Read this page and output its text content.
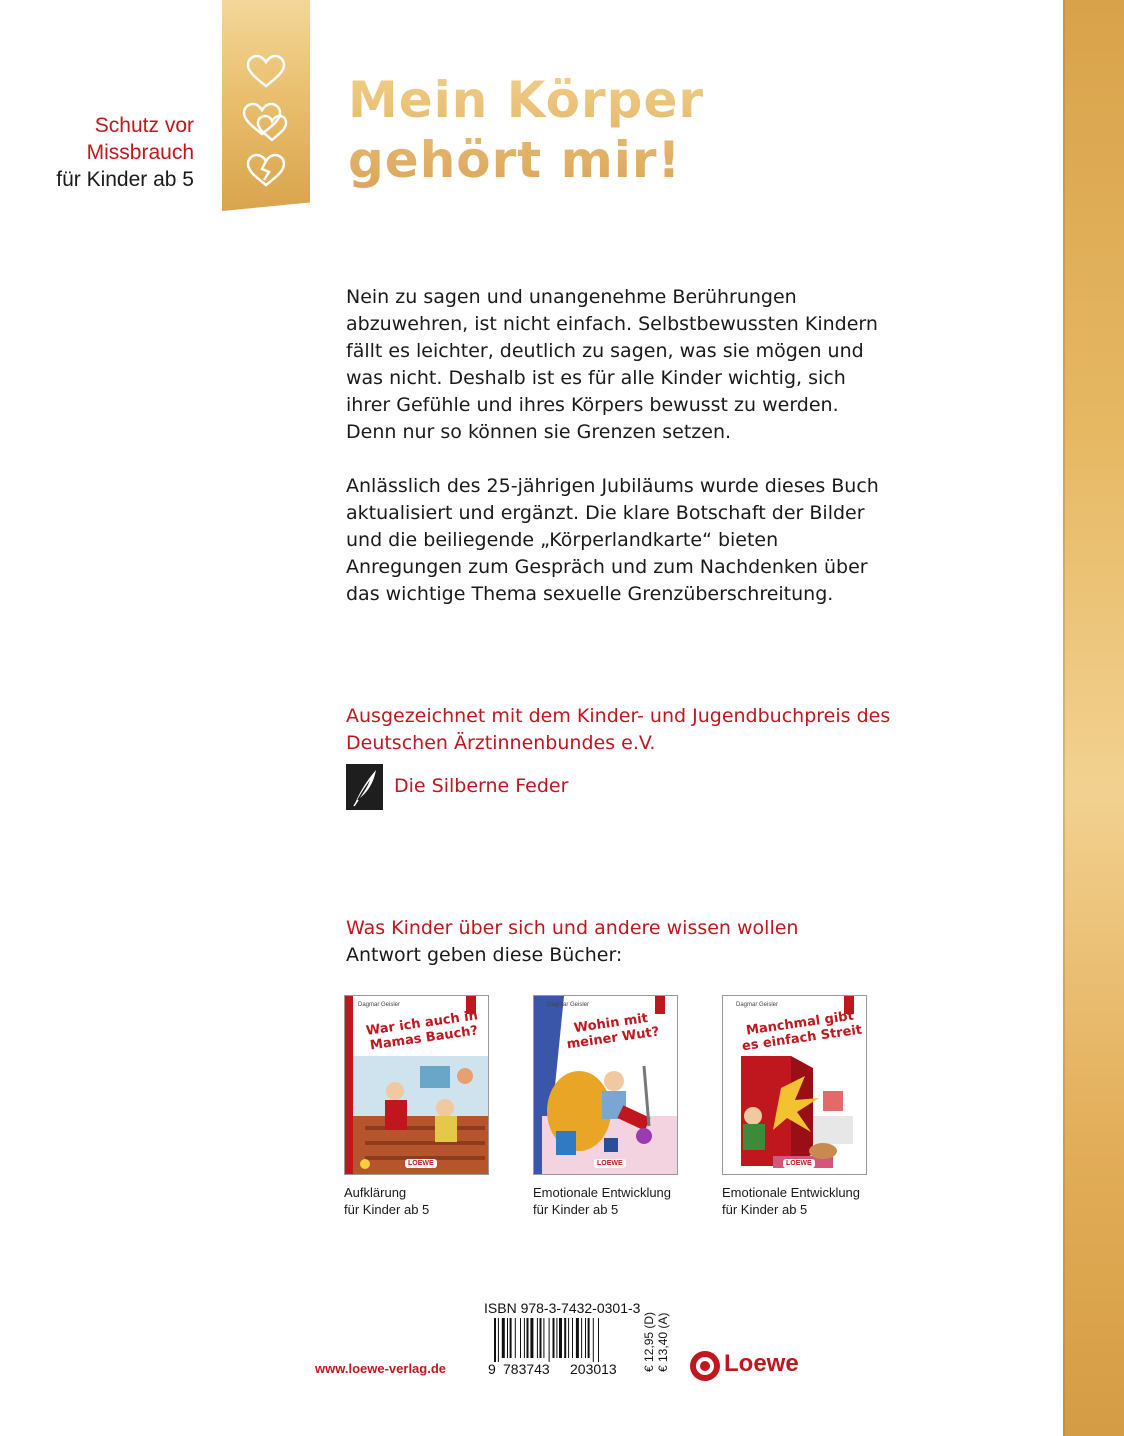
Schutz vor
Missbrauch
für Kinder ab 5
Mein Körper
gehört mir!

Nein zu sagen und unangenehme Berührungen abzuwehren, ist nicht einfach. Selbstbewussten Kindern fällt es leichter, deutlich zu sagen, was sie mögen und was nicht. Deshalb ist es für alle Kinder wichtig, sich ihrer Gefühle und ihres Körpers bewusst zu werden. Denn nur so können sie Grenzen setzen.

Anlässlich des 25-jährigen Jubiläums wurde dieses Buch aktualisiert und ergänzt. Die klare Botschaft der Bilder und die beiliegende „Körperlandkarte“ bieten Anregungen zum Gespräch und zum Nachdenken über das wichtige Thema sexuelle Grenzüberschreitung.

Ausgezeichnet mit dem Kinder- und Jugendbuchpreis des Deutschen Ärztinnenbundes e.V.
Die Silberne Feder
Was Kinder über sich und andere wissen wollen
Antwort geben diese Bücher:
Dagmar Geisler
War ich auch in Mamas Bauch?
LOEWE
Dagmar Geisler
Wohin mit meiner Wut?
LOEWE
Dagmar Geisler
Manchmal gibt es einfach Streit
LOEWE
Aufklärung
für Kinder ab 5
Emotionale Entwicklung
für Kinder ab 5
Emotionale Entwicklung
für Kinder ab 5
ISBN 978-3-7432-0301-3
9 783743 203013 € 12,95 (D) € 13,40 (A)
www.loewe-verlag.de	Loewe
